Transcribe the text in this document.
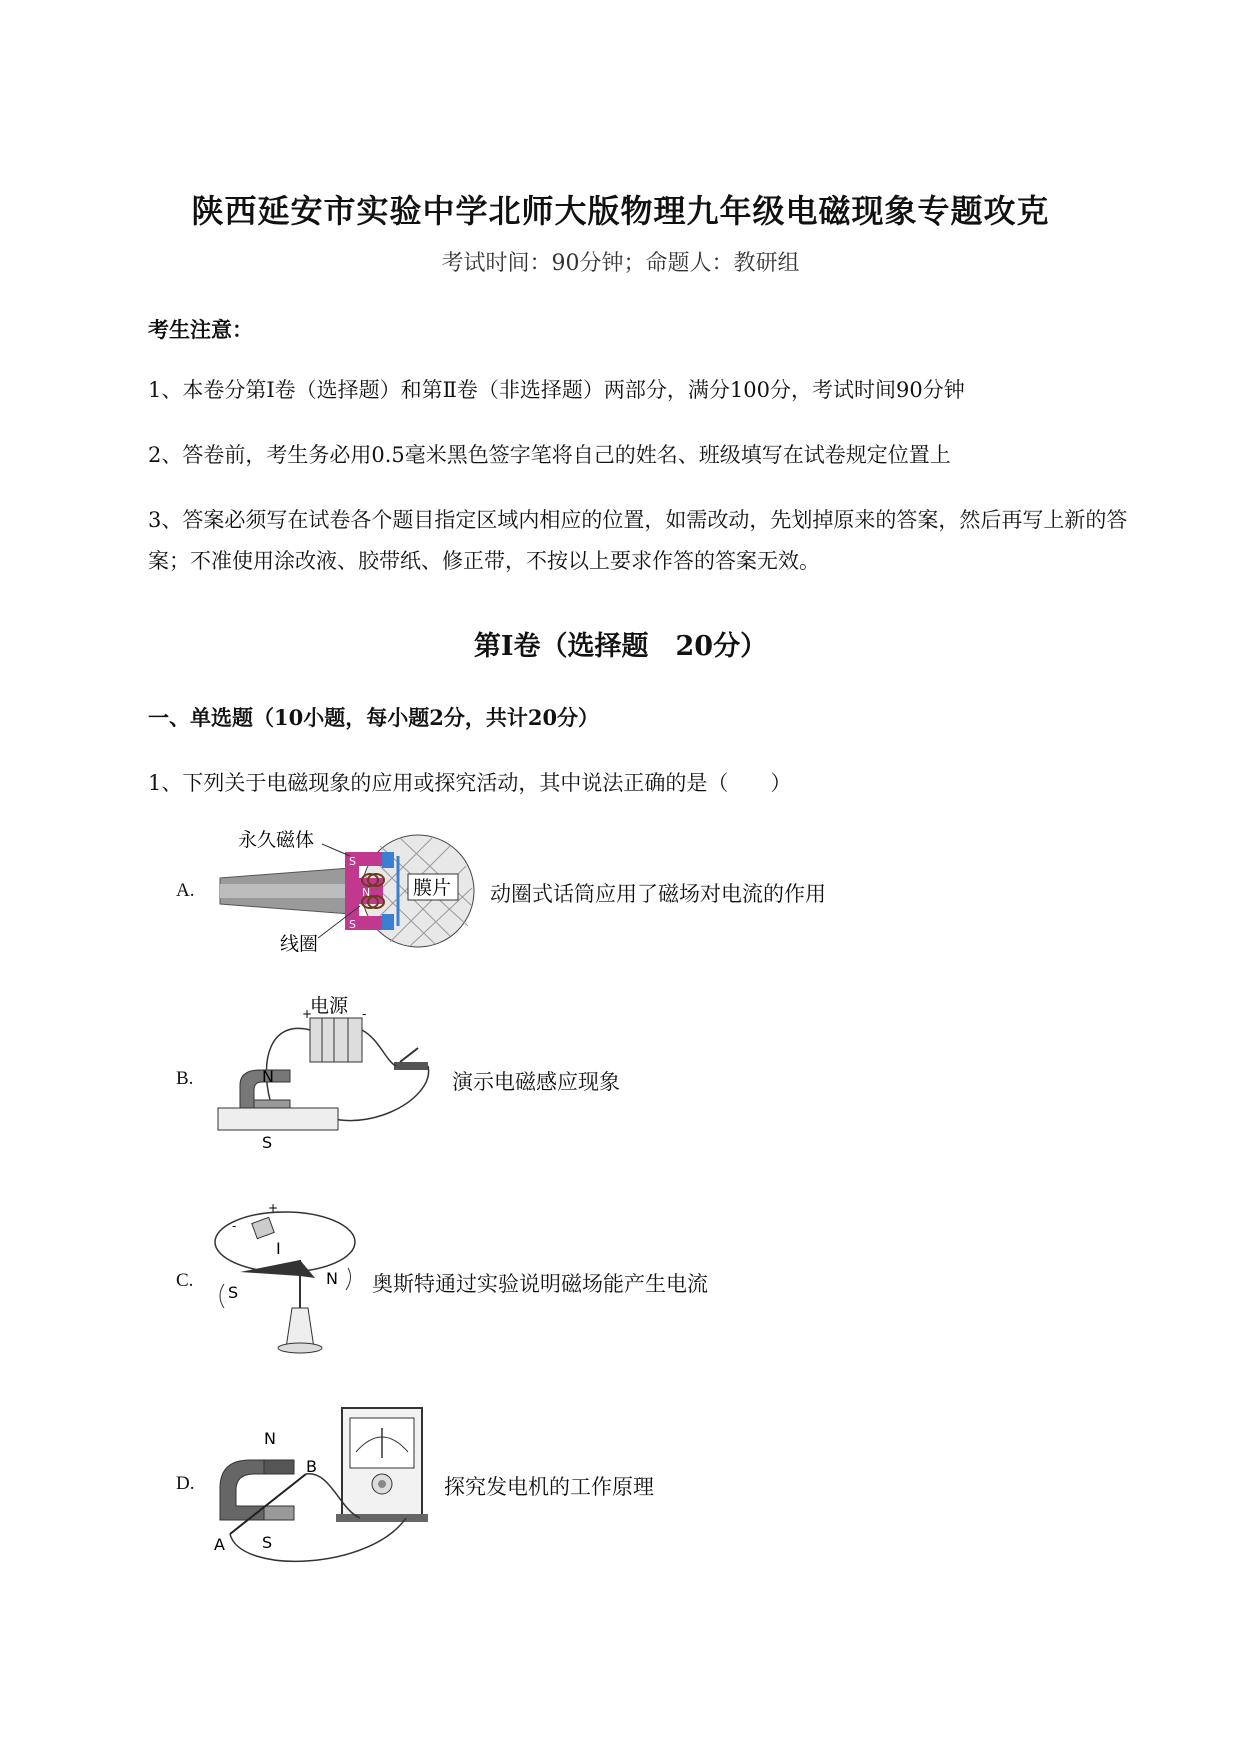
陕西延安市实验中学北师大版物理九年级电磁现象专题攻克
考试时间：90分钟；命题人：教研组
考生注意：
1、本卷分第Ⅰ卷（选择题）和第Ⅱ卷（非选择题）两部分，满分100分，考试时间90分钟
2、答卷前，考生务必用0.5毫米黑色签字笔将自己的姓名、班级填写在试卷规定位置上
3、答案必须写在试卷各个题目指定区域内相应的位置，如需改动，先划掉原来的答案，然后再写上新的答案；不准使用涂改液、胶带纸、修正带，不按以上要求作答的答案无效。
第Ⅰ卷（选择题　20分）
一、单选题（10小题，每小题2分，共计20分）
1、下列关于电磁现象的应用或探究活动，其中说法正确的是（　　）
A.	膜片
永久磁体
线圈
S
N
S
动圈式话筒应用了磁场对电流的作用
B.
电源
+	-
N
S
演示电磁感应现象
C.
+
-
I
S
N 奥斯特通过实验说明磁场能产生电流
D.
N
S
B
A
探究发电机的工作原理
